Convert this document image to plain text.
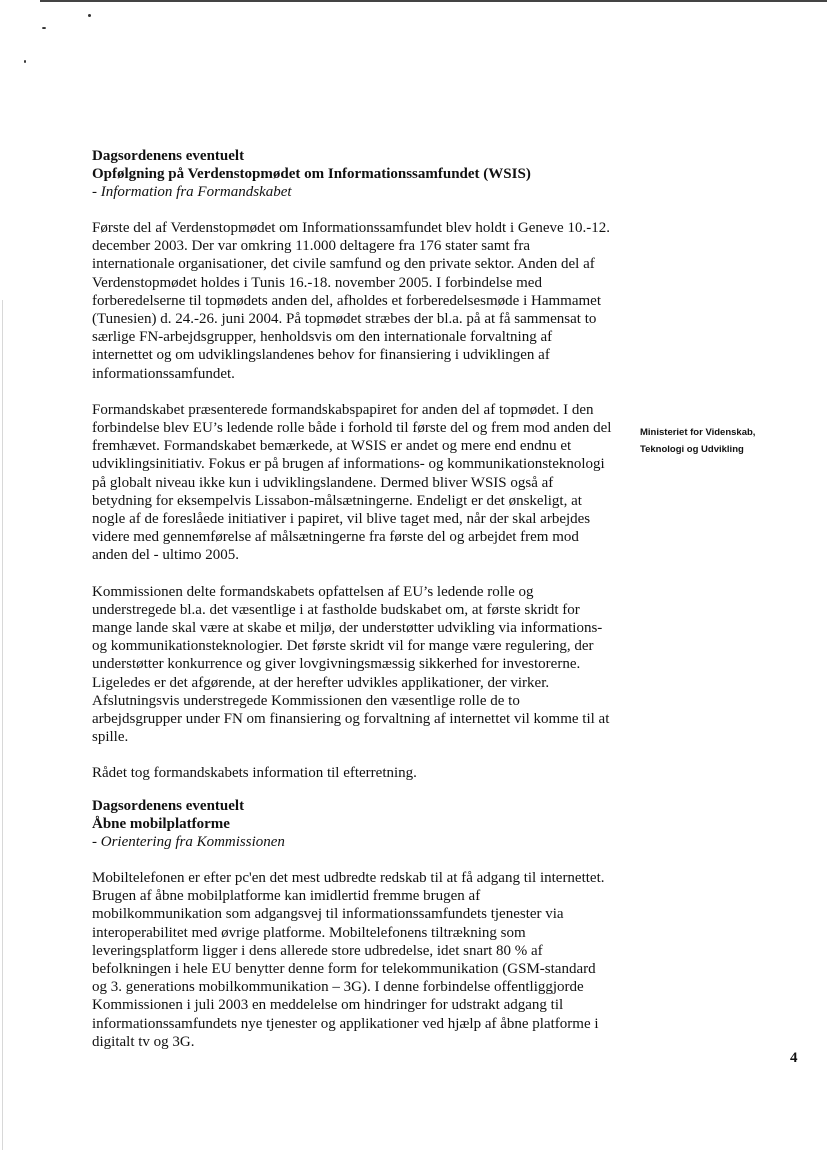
Dagsordenens eventuelt

Opfølgning på Verdenstopmødet om Informationssamfundet (WSIS)

- Information fra Formandskabet

Første del af Verdenstopmødet om Informationssamfundet blev holdt i Geneve 10.-12. december 2003. Der var omkring 11.000 deltagere fra 176 stater samt fra internationale organisationer, det civile samfund og den private sektor. Anden del af Verdenstopmødet holdes i Tunis 16.-18. november 2005. I forbindelse med forberedelserne til topmødets anden del, afholdes et forberedelsesmøde i Hammamet (Tunesien) d. 24.-26. juni 2004. På topmødet stræbes der bl.a. på at få sammensat to særlige FN-arbejdsgrupper, henholdsvis om den internationale forvaltning af internettet og om udviklingslandenes behov for finansiering i udviklingen af informationssamfundet.

Formandskabet præsenterede formandskabspapiret for anden del af topmødet. I den forbindelse blev EU’s ledende rolle både i forhold til første del og frem mod anden del fremhævet. Formandskabet bemærkede, at WSIS er andet og mere end endnu et udviklingsinitiativ. Fokus er på brugen af informations- og kommunikationsteknologi på globalt niveau ikke kun i udviklingslandene. Dermed bliver WSIS også af betydning for eksempelvis Lissabon-målsætningerne. Endeligt er det ønskeligt, at nogle af de foreslåede initiativer i papiret, vil blive taget med, når der skal arbejdes videre med gennemførelse af målsætningerne fra første del og arbejdet frem mod anden del - ultimo 2005.

Kommissionen delte formandskabets opfattelsen af EU’s ledende rolle og understregede bl.a. det væsentlige i at fastholde budskabet om, at første skridt for mange lande skal være at skabe et miljø, der understøtter udvikling via informations- og kommunikationsteknologier. Det første skridt vil for mange være regulering, der understøtter konkurrence og giver lovgivningsmæssig sikkerhed for investorerne. Ligeledes er det afgørende, at der herefter udvikles applikationer, der virker. Afslutningsvis understregede Kommissionen den væsentlige rolle de to arbejdsgrupper under FN om finansiering og forvaltning af internettet vil komme til at spille.

Rådet tog formandskabets information til efterretning.

Dagsordenens eventuelt

Åbne mobilplatforme

- Orientering fra Kommissionen

Mobiltelefonen er efter pc'en det mest udbredte redskab til at få adgang til internettet. Brugen af åbne mobilplatforme kan imidlertid fremme brugen af mobilkommunikation som adgangsvej til informationssamfundets tjenester via interoperabilitet med øvrige platforme. Mobiltelefonens tiltrækning som leveringsplatform ligger i dens allerede store udbredelse, idet snart 80 % af befolkningen i hele EU benytter denne form for telekommunikation (GSM-standard og 3. generations mobilkommunikation – 3G). I denne forbindelse offentliggjorde Kommissionen i juli 2003 en meddelelse om hindringer for udstrakt adgang til informationssamfundets nye tjenester og applikationer ved hjælp af åbne platforme i digitalt tv og 3G.

Ministeriet for Videnskab,
Teknologi og Udvikling
4
